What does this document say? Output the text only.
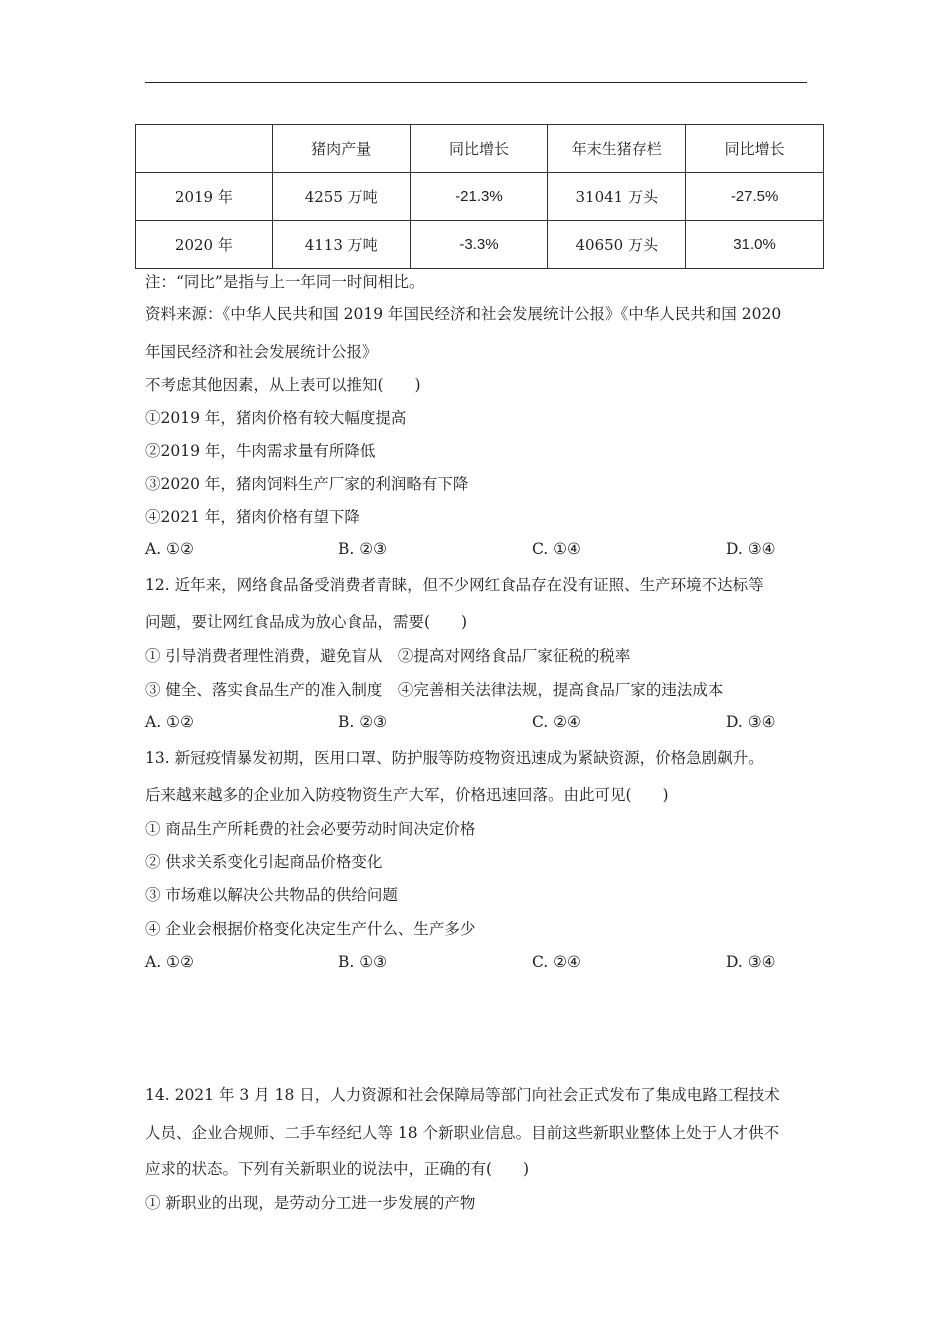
	猪肉产量	同比增长	年末生猪存栏	同比增长
2019 年	4255 万吨	-21.3%	31041 万头	-27.5%
2020 年	4113 万吨	-3.3%	40650 万头	31.0%
注：“同比”是指与上一年同一时间相比。
资料来源：《中华人民共和国 2019 年国民经济和社会发展统计公报》《中华人民共和国 2020
年国民经济和社会发展统计公报》
不考虑其他因素，从上表可以推知(　　)
①2019 年，猪肉价格有较大幅度提高
②2019 年，牛肉需求量有所降低
③2020 年，猪肉饲料生产厂家的利润略有下降
④2021 年，猪肉价格有望下降
A. ①②	B. ②③	C. ①④	D. ③④
12. 近年来，网络食品备受消费者青睐，但不少网红食品存在没有证照、生产环境不达标等
问题，要让网红食品成为放心食品，需要(　　)
① 引导消费者理性消费，避免盲从　②提高对网络食品厂家征税的税率
③ 健全、落实食品生产的准入制度　④完善相关法律法规，提高食品厂家的违法成本
A. ①②	B. ②③	C. ②④	D. ③④
13. 新冠疫情暴发初期，医用口罩、防护服等防疫物资迅速成为紧缺资源，价格急剧飙升。
后来越来越多的企业加入防疫物资生产大军，价格迅速回落。由此可见(　　)
① 商品生产所耗费的社会必要劳动时间决定价格
② 供求关系变化引起商品价格变化
③ 市场难以解决公共物品的供给问题
④ 企业会根据价格变化决定生产什么、生产多少
A. ①②	B. ①③	C. ②④	D. ③④
14. 2021 年 3 月 18 日，人力资源和社会保障局等部门向社会正式发布了集成电路工程技术
人员、企业合规师、二手车经纪人等 18 个新职业信息。目前这些新职业整体上处于人才供不
应求的状态。下列有关新职业的说法中，正确的有(　　)
① 新职业的出现，是劳动分工进一步发展的产物
